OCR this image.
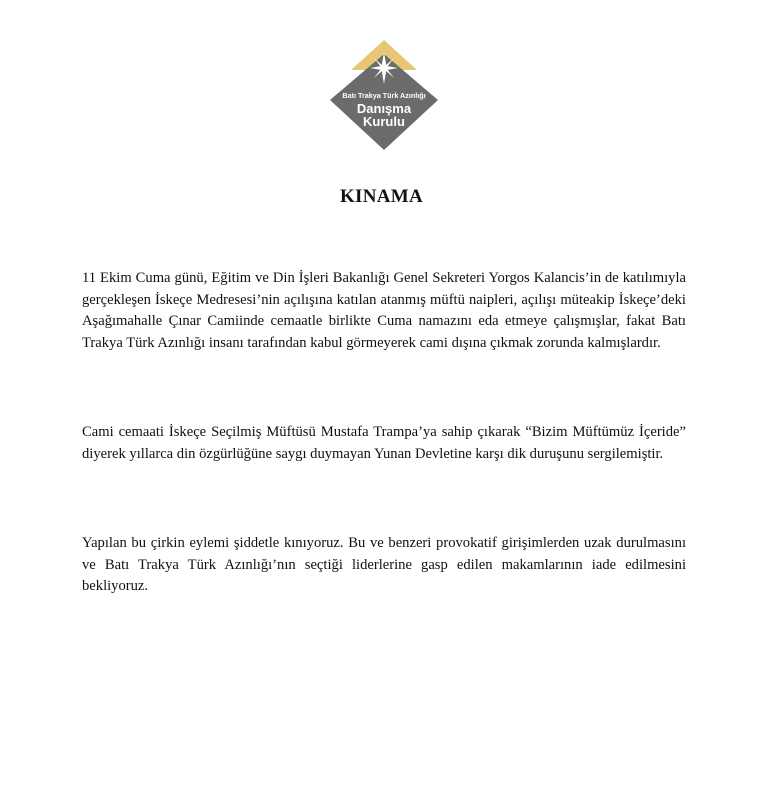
Batı Trakya Türk Azınlığı
Danışma
Kurulu
KINAMA

11 Ekim Cuma günü, Eğitim ve Din İşleri Bakanlığı Genel Sekreteri Yorgos Kalancis’in de katılımıyla gerçekleşen İskeçe Medresesi’nin açılışına katılan atanmış müftü naipleri, açılışı müteakip İskeçe’deki Aşağımahalle Çınar Camiinde cemaatle birlikte Cuma namazını eda etmeye çalışmışlar, fakat Batı Trakya Türk Azınlığı insanı tarafından kabul görmeyerek cami dışına çıkmak zorunda kalmışlardır.

Cami cemaati İskeçe Seçilmiş Müftüsü Mustafa Trampa’ya sahip çıkarak “Bizim Müftümüz İçeride” diyerek yıllarca din özgürlüğüne saygı duymayan Yunan Devletine karşı dik duruşunu sergilemiştir.

Yapılan bu çirkin eylemi şiddetle kınıyoruz. Bu ve benzeri provokatif girişimlerden uzak durulmasını ve Batı Trakya Türk Azınlığı’nın seçtiği liderlerine gasp edilen makamlarının iade edilmesini bekliyoruz.
